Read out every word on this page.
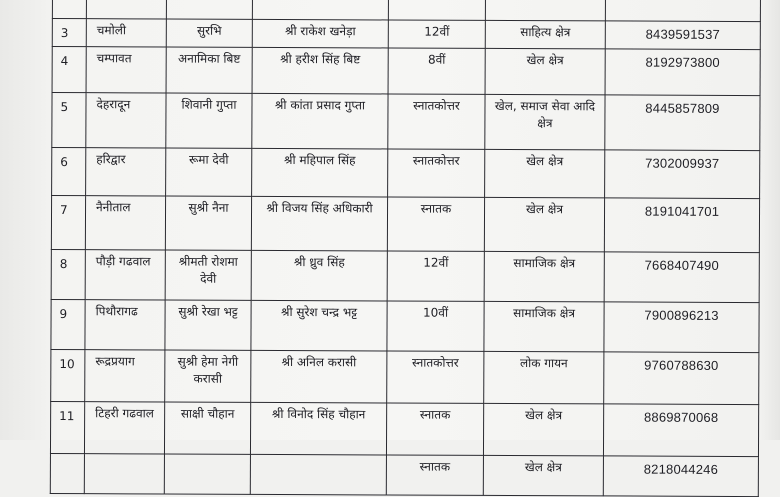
3	चमोली	सुरभि	श्री राकेश खनेड़ा	12वीं	साहित्य क्षेत्र	8439591537

4	चम्पावत	अनामिका बिष्ट	श्री हरीश सिंह बिष्ट	8वीं	खेल क्षेत्र	8192973800

5	देहरादून	शिवानी गुप्ता	श्री कांता प्रसाद गुप्ता	स्नातकोत्तर	खेल, समाज सेवा आदि क्षेत्र	8445857809

6	हरिद्वार	रूमा देवी	श्री महिपाल सिंह	स्नातकोत्तर	खेल क्षेत्र	7302009937

7	नैनीताल	सुश्री नैना	श्री विजय सिंह अधिकारी	स्नातक	खेल क्षेत्र	8191041701

8	पौड़ी गढवाल	श्रीमती रोशमा देवी	श्री ध्रुव सिंह	12वीं	सामाजिक क्षेत्र	7668407490

9	पिथौरागढ	सुश्री रेखा भट्ट	श्री सुरेश चन्द्र भट्ट	10वीं	सामाजिक क्षेत्र	7900896213

10	रूद्रप्रयाग	सुश्री हेमा नेगी करासी	श्री अनिल करासी	स्नातकोत्तर	लोक गायन	9760788630

11	टिहरी गढवाल	साक्षी चौहान	श्री विनोद सिंह चौहान	स्नातक	खेल क्षेत्र	8869870068

				स्नातक	खेल क्षेत्र	8218044246
